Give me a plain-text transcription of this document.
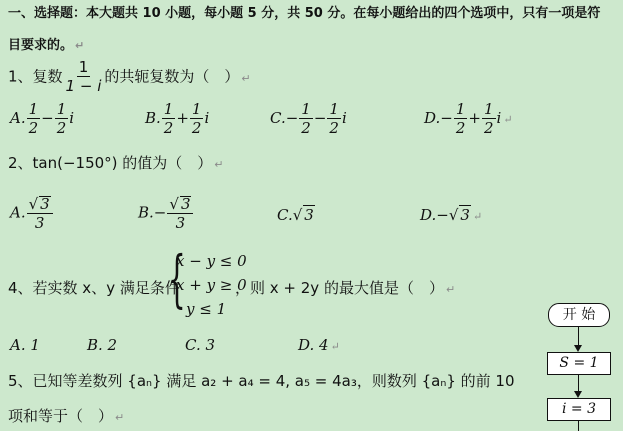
一、选择题：本大题共 10 小题，每小题 5 分，共 50 分。在每小题给出的四个选项中，只有一项是符
目要求的。 ↵
1、复数 $\frac{1}{1 - i}$ 的共轭复数为（　） ↵
A. $\frac{1}{2} - \frac{1}{2}$ i	B. $\frac{1}{2} + \frac{1}{2}$ i	$C.- \frac{1}{2} - \frac{1}{2}$ i	$D.- \frac{1}{2} + \frac{1}{2}$ i ↵
2、tan(−150°) 的值为（　） ↵
A. $\frac{√ 3}{3}$	$B.- \frac{√ 3}{3}$	C.√ 3	D.−√ 3 ↵
4、若实数 x、y 满足条件
{
x − y ≤ 0
x + y ≥ 0
y ≤ 1
，则 x + 2y 的最大值是（　） ↵
A. 1	B. 2	C. 3	D. 4 ↵
5、已知等差数列 {aₙ} 满足 a₂ + a₄ = 4, a₅ = 4a₃，则数列 {aₙ} 的前 10
项和等于（　） ↵
开 始
S = 1
i = 3
